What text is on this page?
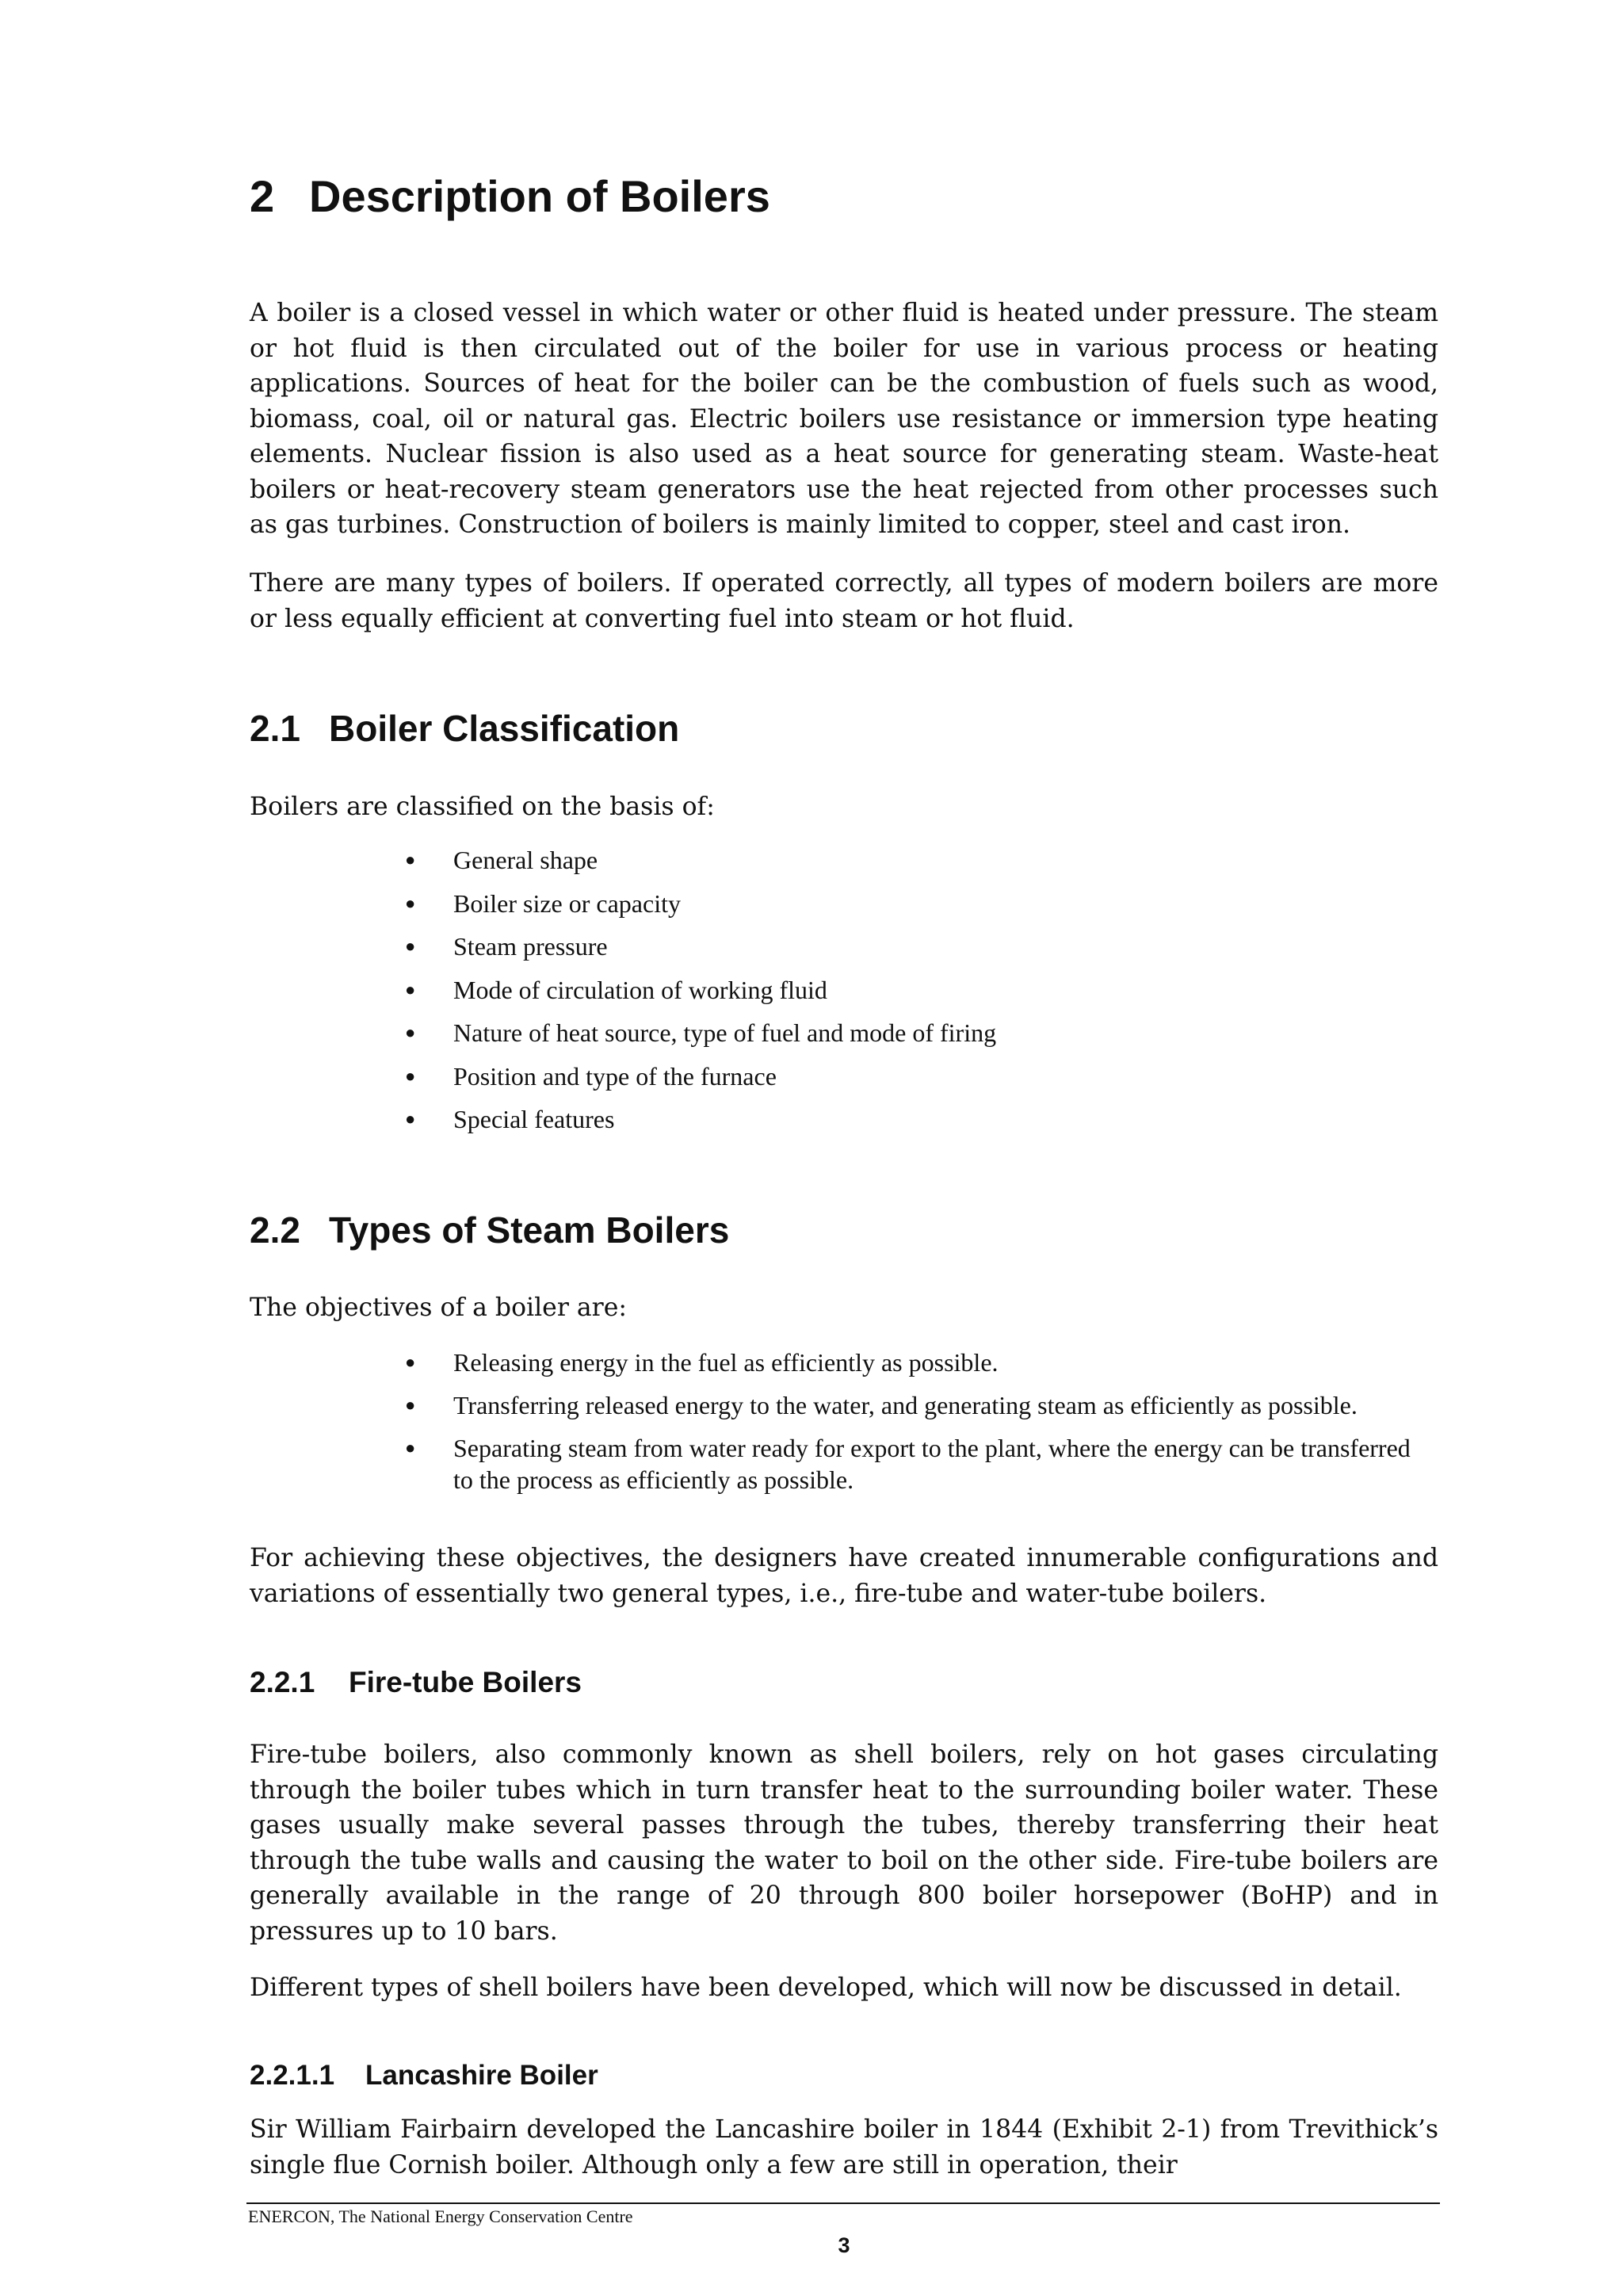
2 Description of Boilers

A boiler is a closed vessel in which water or other fluid is heated under pressure. The steam or hot fluid is then circulated out of the boiler for use in various process or heating applications. Sources of heat for the boiler can be the combustion of fuels such as wood, biomass, coal, oil or natural gas. Electric boilers use resistance or immersion type heating elements. Nuclear fission is also used as a heat source for generating steam. Waste-heat boilers or heat-recovery steam generators use the heat rejected from other processes such as gas turbines. Construction of boilers is mainly limited to copper, steel and cast iron.

There are many types of boilers. If operated correctly, all types of modern boilers are more or less equally efficient at converting fuel into steam or hot fluid.

2.1 Boiler Classification

Boilers are classified on the basis of:

● General shape
● Boiler size or capacity
● Steam pressure
● Mode of circulation of working fluid
● Nature of heat source, type of fuel and mode of firing
● Position and type of the furnace
● Special features
2.2 Types of Steam Boilers

The objectives of a boiler are:

● Releasing energy in the fuel as efficiently as possible.
● Transferring released energy to the water, and generating steam as efficiently as possible.
● Separating steam from water ready for export to the plant, where the energy can be transferred to the process as efficiently as possible.

For achieving these objectives, the designers have created innumerable configurations and variations of essentially two general types, i.e., fire-tube and water-tube boilers.

2.2.1 Fire-tube Boilers

Fire-tube boilers, also commonly known as shell boilers, rely on hot gases circulating through the boiler tubes which in turn transfer heat to the surrounding boiler water. These gases usually make several passes through the tubes, thereby transferring their heat through the tube walls and causing the water to boil on the other side. Fire-tube boilers are generally available in the range of 20 through 800 boiler horsepower (BoHP) and in pressures up to 10 bars.

Different types of shell boilers have been developed, which will now be discussed in detail.

2.2.1.1 Lancashire Boiler

Sir William Fairbairn developed the Lancashire boiler in 1844 (Exhibit 2-1) from Trevithick’s single flue Cornish boiler. Although only a few are still in operation, their

ENERCON, The National Energy Conservation Centre
3
